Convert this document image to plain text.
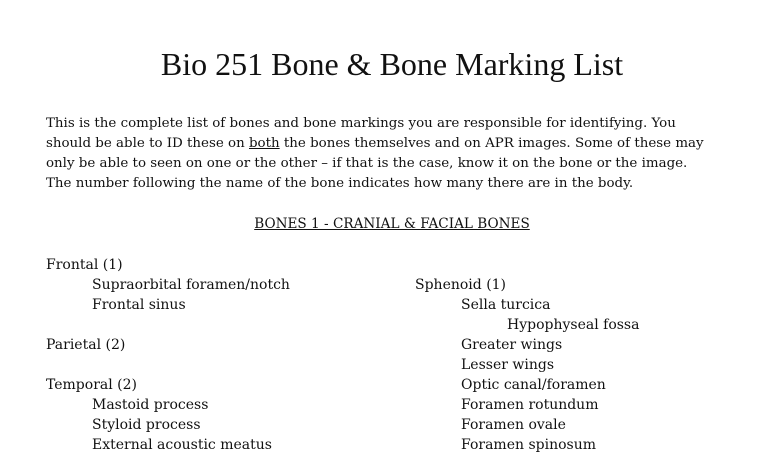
Bio 251 Bone & Bone Marking List
This is the complete list of bones and bone markings you are responsible for identifying. You
should be able to ID these on both the bones themselves and on APR images. Some of these may
only be able to seen on one or the other – if that is the case, know it on the bone or the image.
The number following the name of the bone indicates how many there are in the body.
BONES 1 - CRANIAL & FACIAL BONES
Frontal (1)
Supraorbital foramen/notch
Frontal sinus
Parietal (2)
Temporal (2)
Mastoid process
Styloid process
External acoustic meatus
Sphenoid (1)
Sella turcica
Hypophyseal fossa
Greater wings
Lesser wings
Optic canal/foramen
Foramen rotundum
Foramen ovale
Foramen spinosum
